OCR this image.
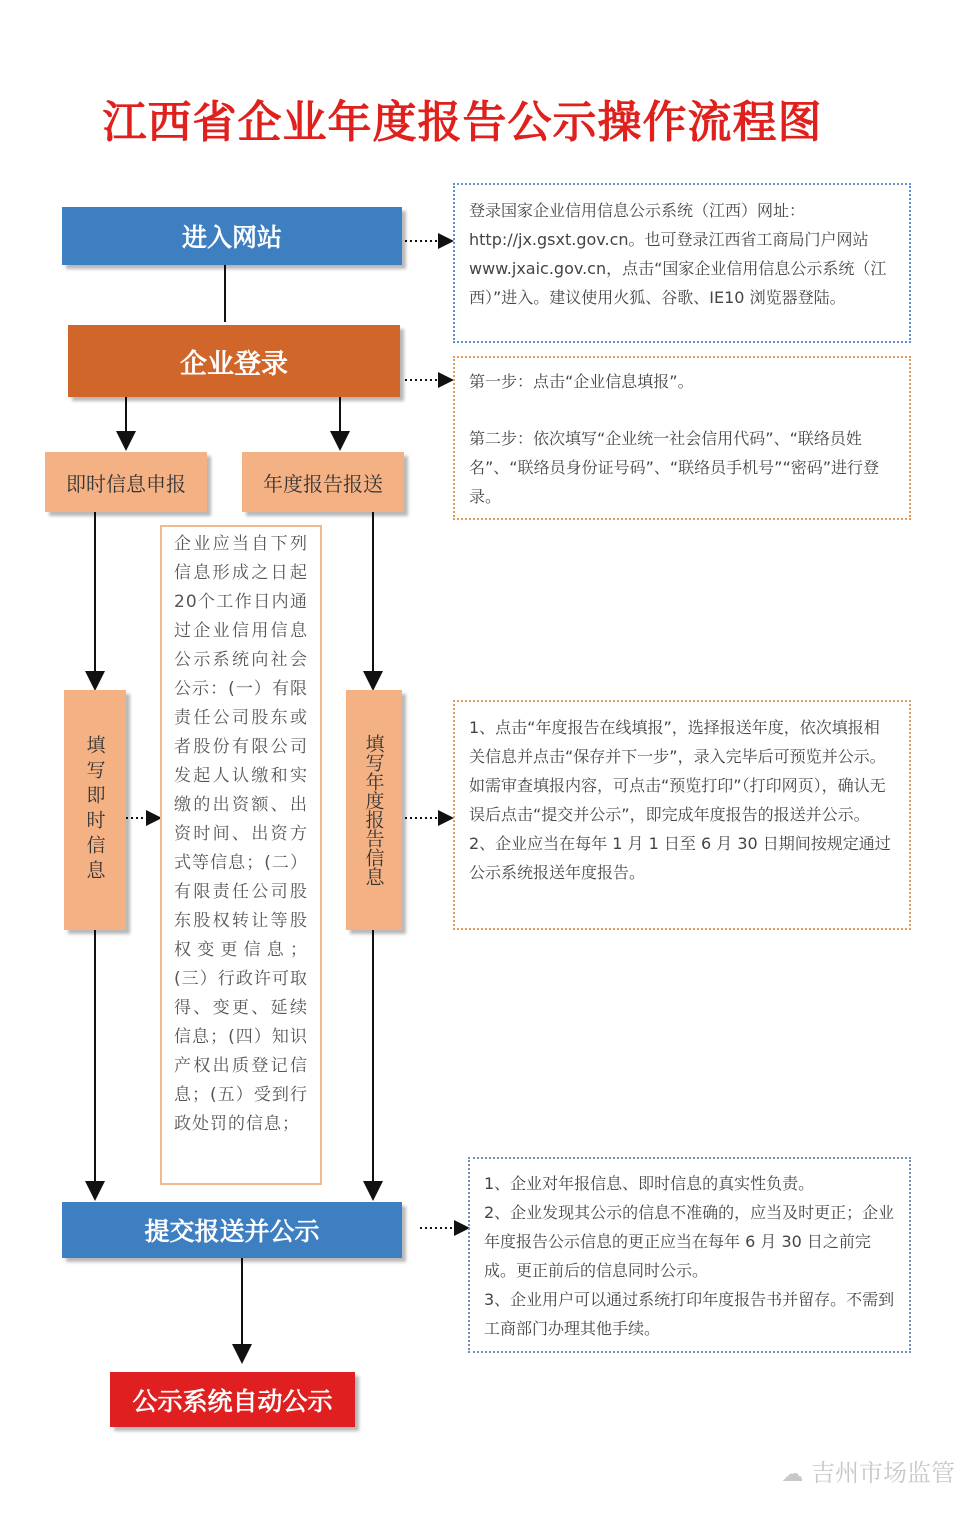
江西省企业年度报告公示操作流程图
进入网站
企业登录
即时信息申报	年度报告报送
填写即时信息	填写年度报告信息
提交报送并公示
公示系统自动公示
企业应当自下列信息形成之日起20个工作日内通过企业信用信息公示系统向社会公示：(一）有限责任公司股东或者股份有限公司发起人认缴和实缴的出资额、出资时间、出资方式等信息；(二）有限责任公司股东股权转让等股权变更信息；(三）行政许可取得、变更、延续信息；(四）知识产权出质登记信息；(五）受到行政处罚的信息；

登录国家企业信用信息公示系统（江西）网址：http://jx.gsxt.gov.cn。也可登录江西省工商局门户网站 www.jxaic.gov.cn，点击“国家企业信用信息公示系统（江西）”进入。建议使用火狐、谷歌、IE10 浏览器登陆。

第一步：点击“企业信息填报”。

第二步：依次填写“企业统一社会信用代码”、“联络员姓名”、“联络员身份证号码”、“联络员手机号”“密码”进行登录。

1、点击“年度报告在线填报”，选择报送年度，依次填报相关信息并点击“保存并下一步”，录入完毕后可预览并公示。如需审查填报内容，可点击“预览打印”（打印网页），确认无误后点击“提交并公示”，即完成年度报告的报送并公示。

2、企业应当在每年 1 月 1 日至 6 月 30 日期间按规定通过公示系统报送年度报告。

1、企业对年报信息、即时信息的真实性负责。

2、企业发现其公示的信息不准确的，应当及时更正；企业年度报告公示信息的更正应当在每年 6 月 30 日之前完成。更正前后的信息同时公示。

3、企业用户可以通过系统打印年度报告书并留存。不需到工商部门办理其他手续。

☁ 吉州市场监管
